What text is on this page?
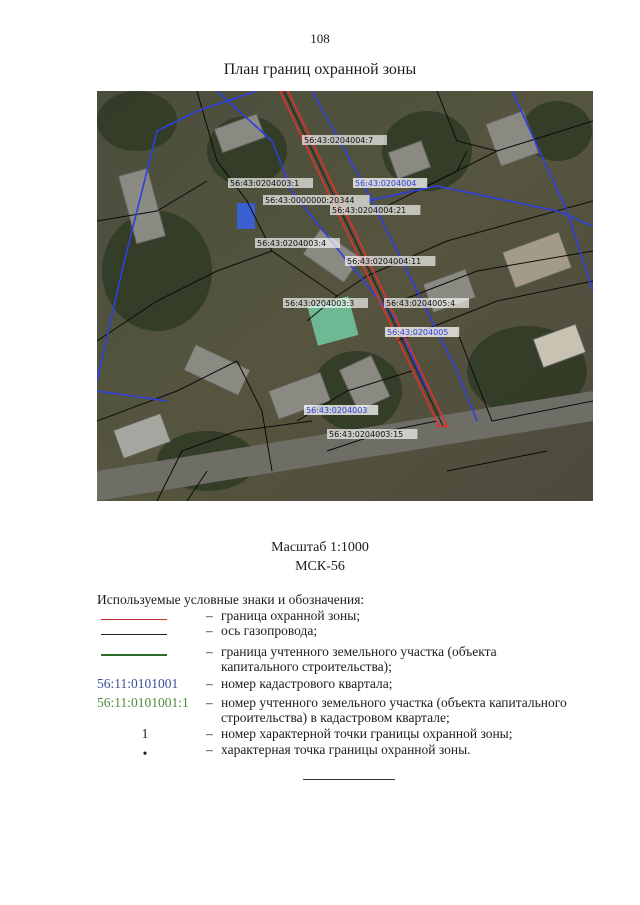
108
План границ охранной зоны
56:43:0204004:7
56:43:0204004
56:43:0204003:1
56:43:0000000:20344
56:43:0204004:21
56:43:0204003:4
56:43:0204004:11
56:43:0204003:3	56:43:0204005:4
56:43:0204005
56:43:0204003
56:43:0204003:15
Масштаб 1:1000
МСК-56
Используемые условные знаки и обозначения:
– граница охранной зоны;
– ось газопровода;
– граница учтенного земельного участка (объекта капитального строительства);
56:11:0101001	– номер кадастрового квартала;
56:11:0101001:1	– номер учтенного земельного участка (объекта капитального строительства) в кадастровом квартале;
1	– номер характерной точки границы охранной зоны;
•	– характерная точка границы охранной зоны.
